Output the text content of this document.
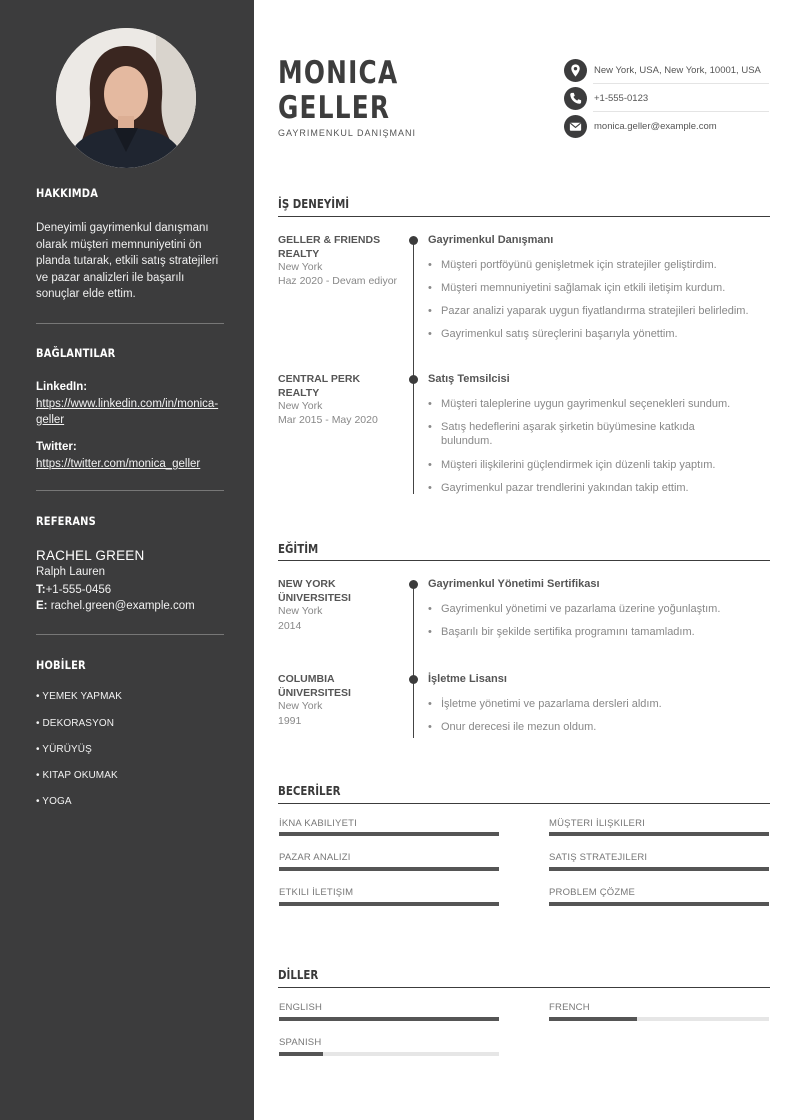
HAKKIMDA
Deneyimli gayrimenkul danışmanı olarak müşteri memnuniyetini ön planda tutarak, etkili satış stratejileri ve pazar analizleri ile başarılı sonuçlar elde ettim.
BAĞLANTILAR
LinkedIn:
https://www.linkedin.com/in/monica-geller
Twitter:
https://twitter.com/monica_geller
REFERANS
RACHEL GREEN
Ralph Lauren
T:+1-555-0456
E: rachel.green@example.com
HOBİLER
• YEMEK YAPMAK
• DEKORASYON
• YÜRÜYÜŞ
• KITAP OKUMAK
• YOGA
MONICA
GELLER
GAYRIMENKUL DANIŞMANI
New York, USA, New York, 10001, USA
+1-555-0123
monica.geller@example.com
İŞ DENEYİMİ
GELLER & FRIENDS REALTY
New York
Haz 2020 - Devam ediyor
Gayrimenkul Danışmanı
• Müşteri portföyünü genişletmek için stratejiler geliştirdim.
• Müşteri memnuniyetini sağlamak için etkili iletişim kurdum.
• Pazar analizi yaparak uygun fiyatlandırma stratejileri belirledim.
• Gayrimenkul satış süreçlerini başarıyla yönettim.
CENTRAL PERK REALTY
New York
Mar 2015 - May 2020
Satış Temsilcisi
• Müşteri taleplerine uygun gayrimenkul seçenekleri sundum.
• Satış hedeflerini aşarak şirketin büyümesine katkıda bulundum.
• Müşteri ilişkilerini güçlendirmek için düzenli takip yaptım.
• Gayrimenkul pazar trendlerini yakından takip ettim.
EĞİTİM
NEW YORK ÜNIVERSITESI
New York
2014
Gayrimenkul Yönetimi Sertifikası
• Gayrimenkul yönetimi ve pazarlama üzerine yoğunlaştım.
• Başarılı bir şekilde sertifika programını tamamladım.
COLUMBIA ÜNIVERSITESI
New York
1991
İşletme Lisansı
• İşletme yönetimi ve pazarlama dersleri aldım.
• Onur derecesi ile mezun oldum.
BECERİLER
İKNA KABILIYETI	MÜŞTERI İLIŞKILERI
PAZAR ANALIZI	SATIŞ STRATEJILERI
ETKILI İLETIŞIM	PROBLEM ÇÖZME
DİLLER
ENGLISH	FRENCH
SPANISH
